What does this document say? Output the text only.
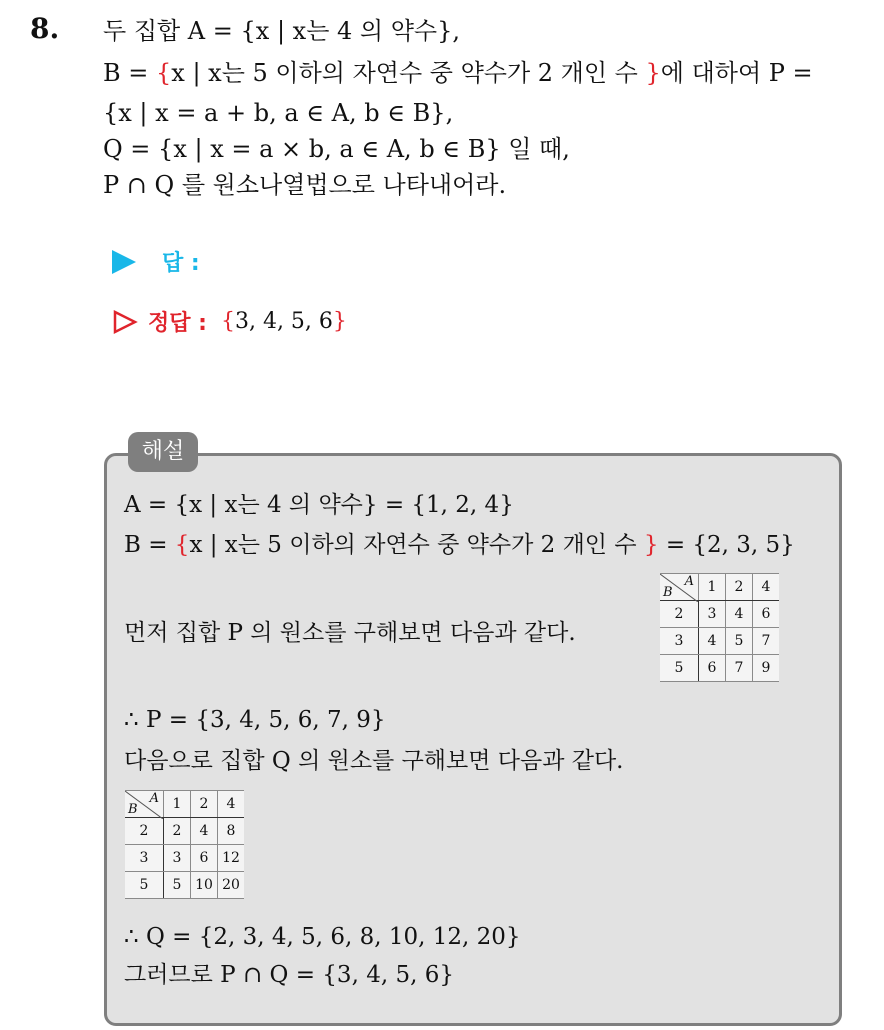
8. 두 집합 A = {x | x는 4 의 약수},
B = {x | x는 5 이하의 자연수 중 약수가 2 개인 수 }에 대하여 P =
{x | x = a + b, a ∈ A, b ∈ B},
Q = {x | x = a × b, a ∈ A, b ∈ B} 일 때,
P ∩ Q 를 원소나열법으로 나타내어라.
답 :
정답 : {3, 4, 5, 6}
해설
A = {x | x는 4 의 약수} = {1, 2, 4}
B = {x | x는 5 이하의 자연수 중 약수가 2 개인 수 } = {2, 3, 5}
먼저 집합 P 의 원소를 구해보면 다음과 같다.
A
B	1	2	4
2	3	4	6
3	4	5	7
5	6	7	9
∴ P = {3, 4, 5, 6, 7, 9}
다음으로 집합 Q 의 원소를 구해보면 다음과 같다.
A
B	1	2	4
2	2	4	8
3	3	6	12
5	5	10	20
∴ Q = {2, 3, 4, 5, 6, 8, 10, 12, 20}
그러므로 P ∩ Q = {3, 4, 5, 6}
